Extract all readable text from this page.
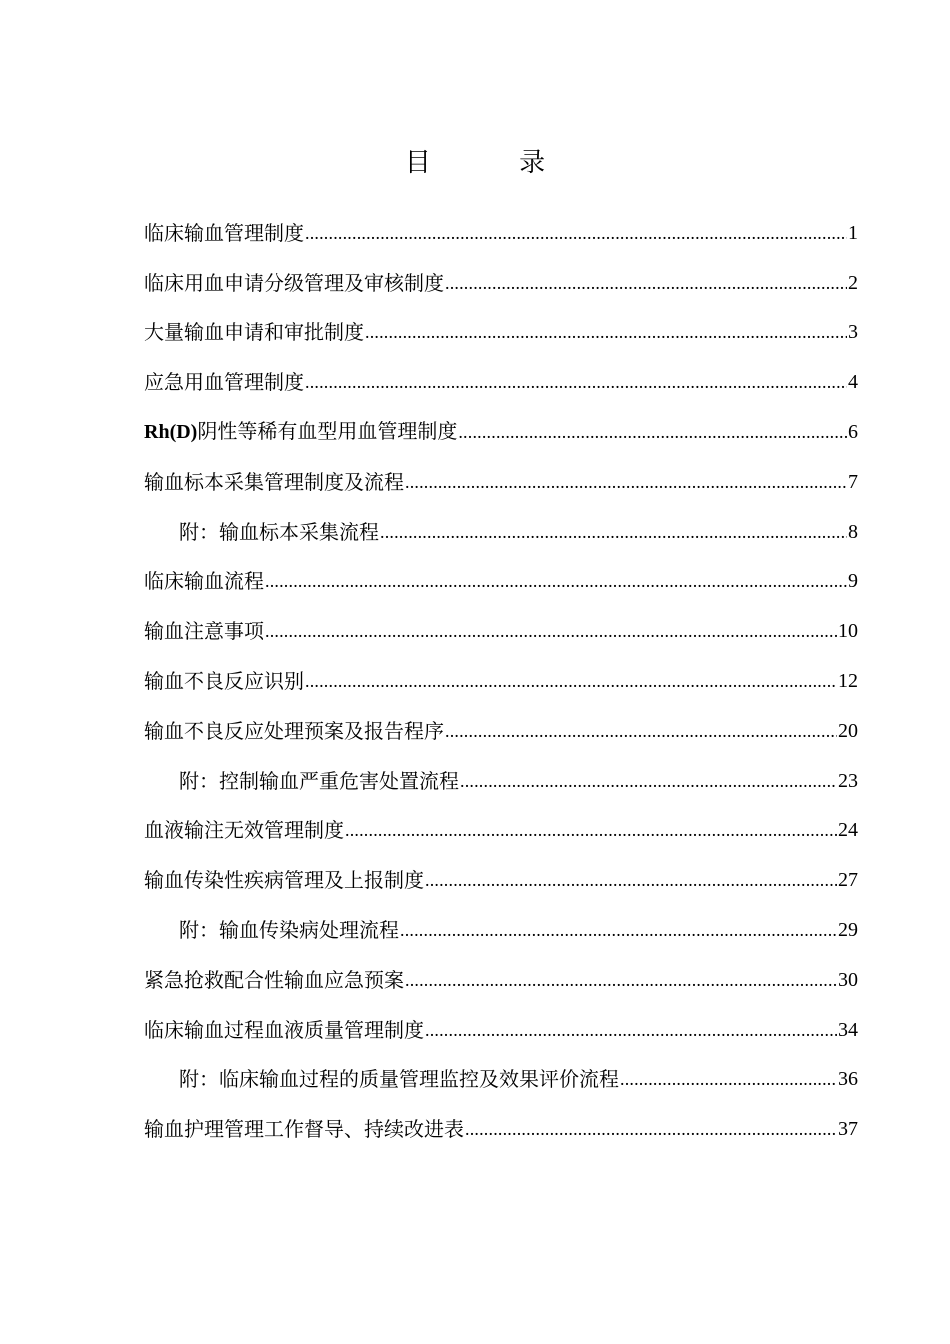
目 录
临床输血管理制度 .....	1
临床用血申请分级管理及审核制度 .....	2
大量输血申请和审批制度 .....	3
应急用血管理制度 .....	4
Rh(D)阴性等稀有血型用血管理制度 .....	6
输血标本采集管理制度及流程 .....	7
附：输血标本采集流程 .....	8
临床输血流程 .....	9
输血注意事项 .....	10
输血不良反应识别 .....	12
输血不良反应处理预案及报告程序 .....	20
附：控制输血严重危害处置流程 .....	23
血液输注无效管理制度 .....	24
输血传染性疾病管理及上报制度 .....	27
附：输血传染病处理流程 .....	29
紧急抢救配合性输血应急预案 .....	30
临床输血过程血液质量管理制度 .....	34
附：临床输血过程的质量管理监控及效果评价流程 .....	36
输血护理管理工作督导、持续改进表 .....	37
